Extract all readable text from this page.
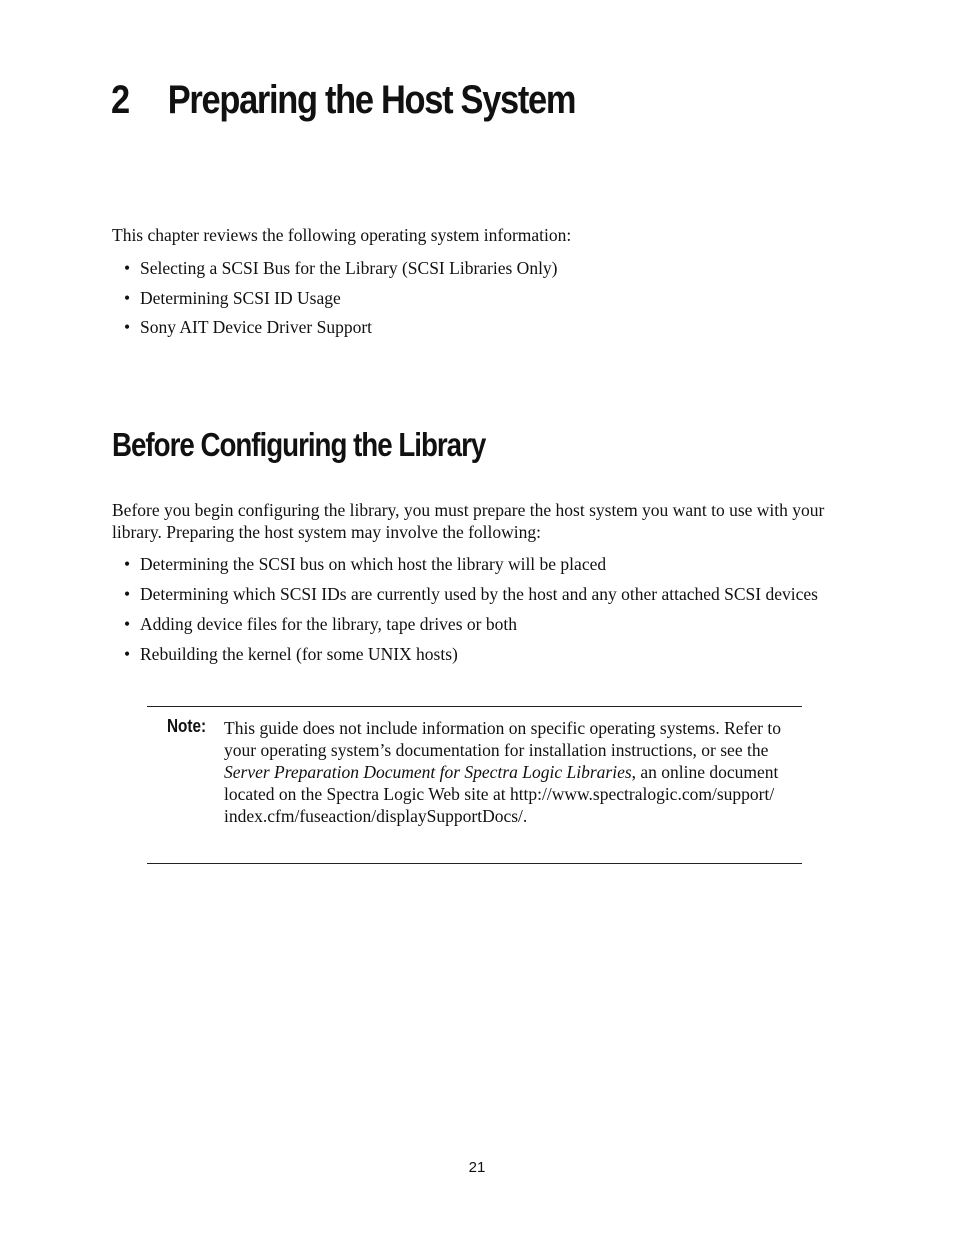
2 Preparing the Host System

This chapter reviews the following operating system information:

• Selecting a SCSI Bus for the Library (SCSI Libraries Only)
• Determining SCSI ID Usage
• Sony AIT Device Driver Support
Before Configuring the Library

Before you begin configuring the library, you must prepare the host system you want to use with your library. Preparing the host system may involve the following:

• Determining the SCSI bus on which host the library will be placed
• Determining which SCSI IDs are currently used by the host and any other attached SCSI devices
• Adding device files for the library, tape drives or both
• Rebuilding the kernel (for some UNIX hosts)
Note: This guide does not include information on specific operating systems. Refer to your operating system’s documentation for installation instructions, or see the Server Preparation Document for Spectra Logic Libraries, an online document located on the Spectra Logic Web site at http://www.spectralogic.com/support/ index.cfm/fuseaction/displaySupportDocs/.

21
